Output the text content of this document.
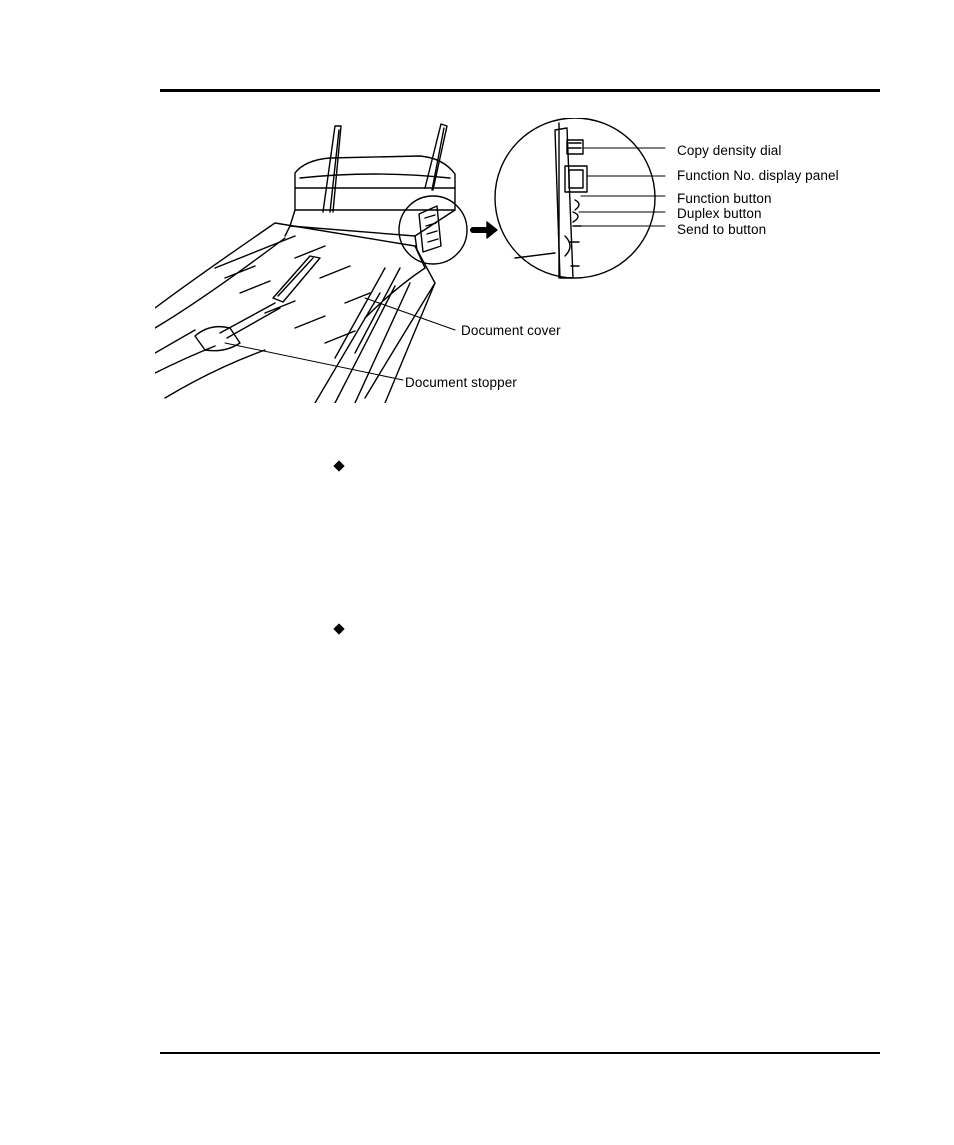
Copy density dial
Function No. display panel
Function button
Duplex button
Send to button
Document cover
Document stopper
